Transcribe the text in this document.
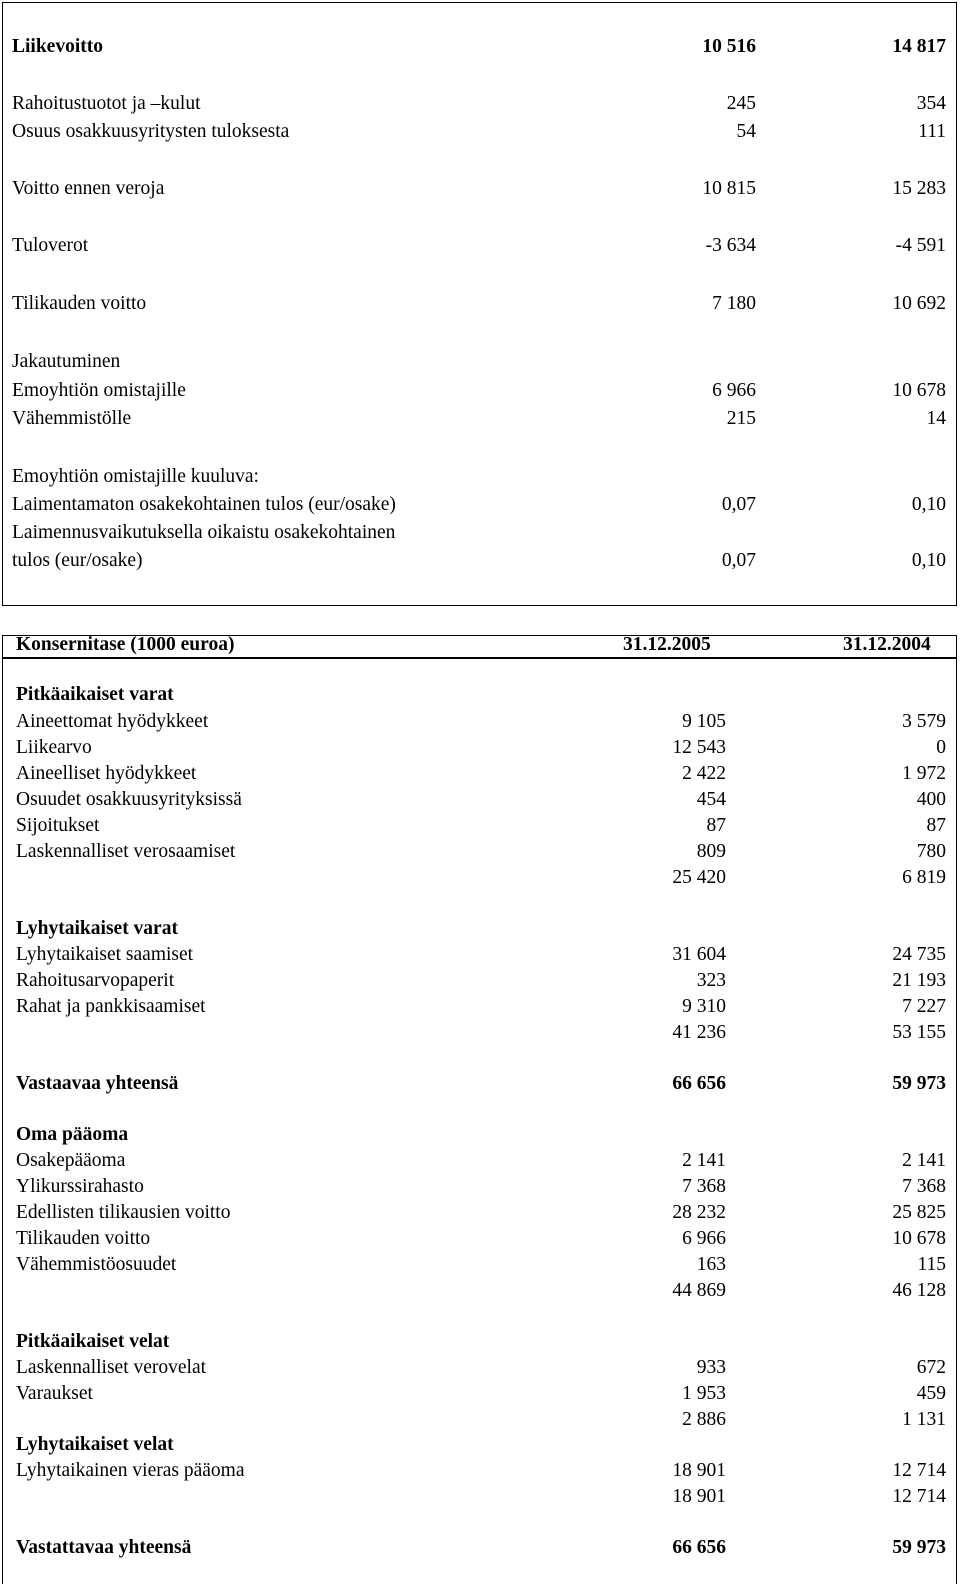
Liikevoitto	10 516	14 817
Rahoitustuotot ja –kulut	245	354
Osuus osakkuusyritysten tuloksesta	54	111
Voitto ennen veroja	10 815	15 283
Tuloverot	-3 634	-4 591
Tilikauden voitto	7 180	10 692
Jakautuminen
Emoyhtiön omistajille	6 966	10 678
Vähemmistölle	215	14
Emoyhtiön omistajille kuuluva:
Laimentamaton osakekohtainen tulos (eur/osake)	0,07	0,10
Laimennusvaikutuksella oikaistu osakekohtainen
tulos (eur/osake)	0,07	0,10
Konsernitase (1000 euroa)	31.12.2005	31.12.2004
Pitkäaikaiset varat
Aineettomat hyödykkeet	9 105	3 579
Liikearvo	12 543	0
Aineelliset hyödykkeet	2 422	1 972
Osuudet osakkuusyrityksissä	454	400
Sijoitukset	87	87
Laskennalliset verosaamiset	809	780
25 420	6 819
Lyhytaikaiset varat
Lyhytaikaiset saamiset	31 604	24 735
Rahoitusarvopaperit	323	21 193
Rahat ja pankkisaamiset	9 310	7 227
41 236	53 155
Vastaavaa yhteensä	66 656	59 973
Oma pääoma
Osakepääoma	2 141	2 141
Ylikurssirahasto	7 368	7 368
Edellisten tilikausien voitto	28 232	25 825
Tilikauden voitto	6 966	10 678
Vähemmistöosuudet	163	115
44 869	46 128
Pitkäaikaiset velat
Laskennalliset verovelat	933	672
Varaukset	1 953	459
2 886	1 131
Lyhytaikaiset velat
Lyhytaikainen vieras pääoma	18 901	12 714
18 901	12 714
Vastattavaa yhteensä	66 656	59 973
